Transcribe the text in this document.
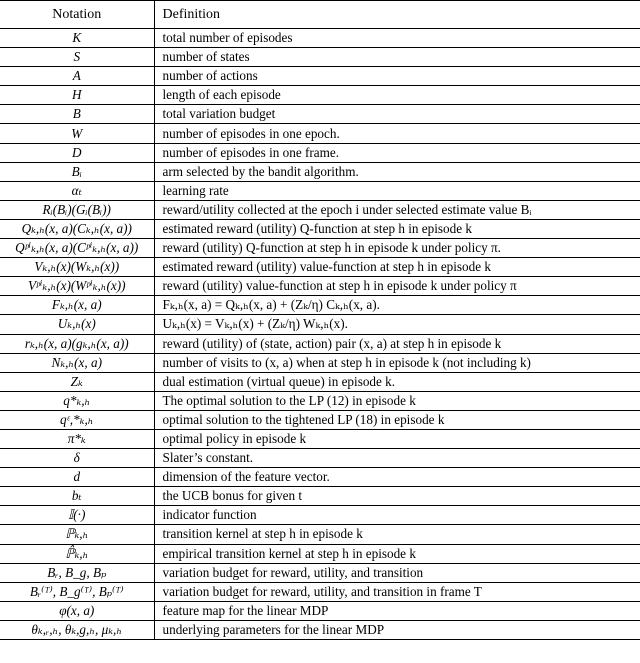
Notation	Definition
K	total number of episodes
S	number of states
A	number of actions
H	length of each episode
B	total variation budget
W	number of episodes in one epoch.
D	number of episodes in one frame.
Bᵢ	arm selected by the bandit algorithm.
αₜ	learning rate
Rᵢ(Bᵢ)(Gᵢ(Bᵢ))	reward/utility collected at the epoch i under selected estimate value Bᵢ
Qₖ,ₕ(x, a)(Cₖ,ₕ(x, a))	estimated reward (utility) Q-function at step h in episode k
Qᵖⁱₖ,ₕ(x, a)(Cᵖⁱₖ,ₕ(x, a))	reward (utility) Q-function at step h in episode k under policy π.
Vₖ,ₕ(x)(Wₖ,ₕ(x))	estimated reward (utility) value-function at step h in episode k
Vᵖⁱₖ,ₕ(x)(Wᵖⁱₖ,ₕ(x))	reward (utility) value-function at step h in episode k under policy π
Fₖ,ₕ(x, a)	Fₖ,ₕ(x, a) = Qₖ,ₕ(x, a) + (Zₖ/η) Cₖ,ₕ(x, a).
Uₖ,ₕ(x)	Uₖ,ₕ(x) = Vₖ,ₕ(x) + (Zₖ/η) Wₖ,ₕ(x).
rₖ,ₕ(x, a)(gₖ,ₕ(x, a))	reward (utility) of (state, action) pair (x, a) at step h in episode k
Nₖ,ₕ(x, a)	number of visits to (x, a) when at step h in episode k (not including k)
Zₖ	dual estimation (virtual queue) in episode k.
q*ₖ,ₕ	The optimal solution to the LP (12) in episode k
qᵋ,*ₖ,ₕ	optimal solution to the tightened LP (18) in episode k
π*ₖ	optimal policy in episode k
δ	Slater’s constant.
d	dimension of the feature vector.
bₜ	the UCB bonus for given t
𝕀(·)	indicator function
ℙₖ,ₕ	transition kernel at step h in episode k
ℙ̂ₖ,ₕ	empirical transition kernel at step h in episode k
Bᵣ, B_g, Bₚ	variation budget for reward, utility, and transition
Bᵣ⁽ᵀ⁾, B_g⁽ᵀ⁾, Bₚ⁽ᵀ⁾	variation budget for reward, utility, and transition in frame T
φ(x, a)	feature map for the linear MDP
θₖ,ᵣ,ₕ, θₖ,g,ₕ, μₖ,ₕ	underlying parameters for the linear MDP
